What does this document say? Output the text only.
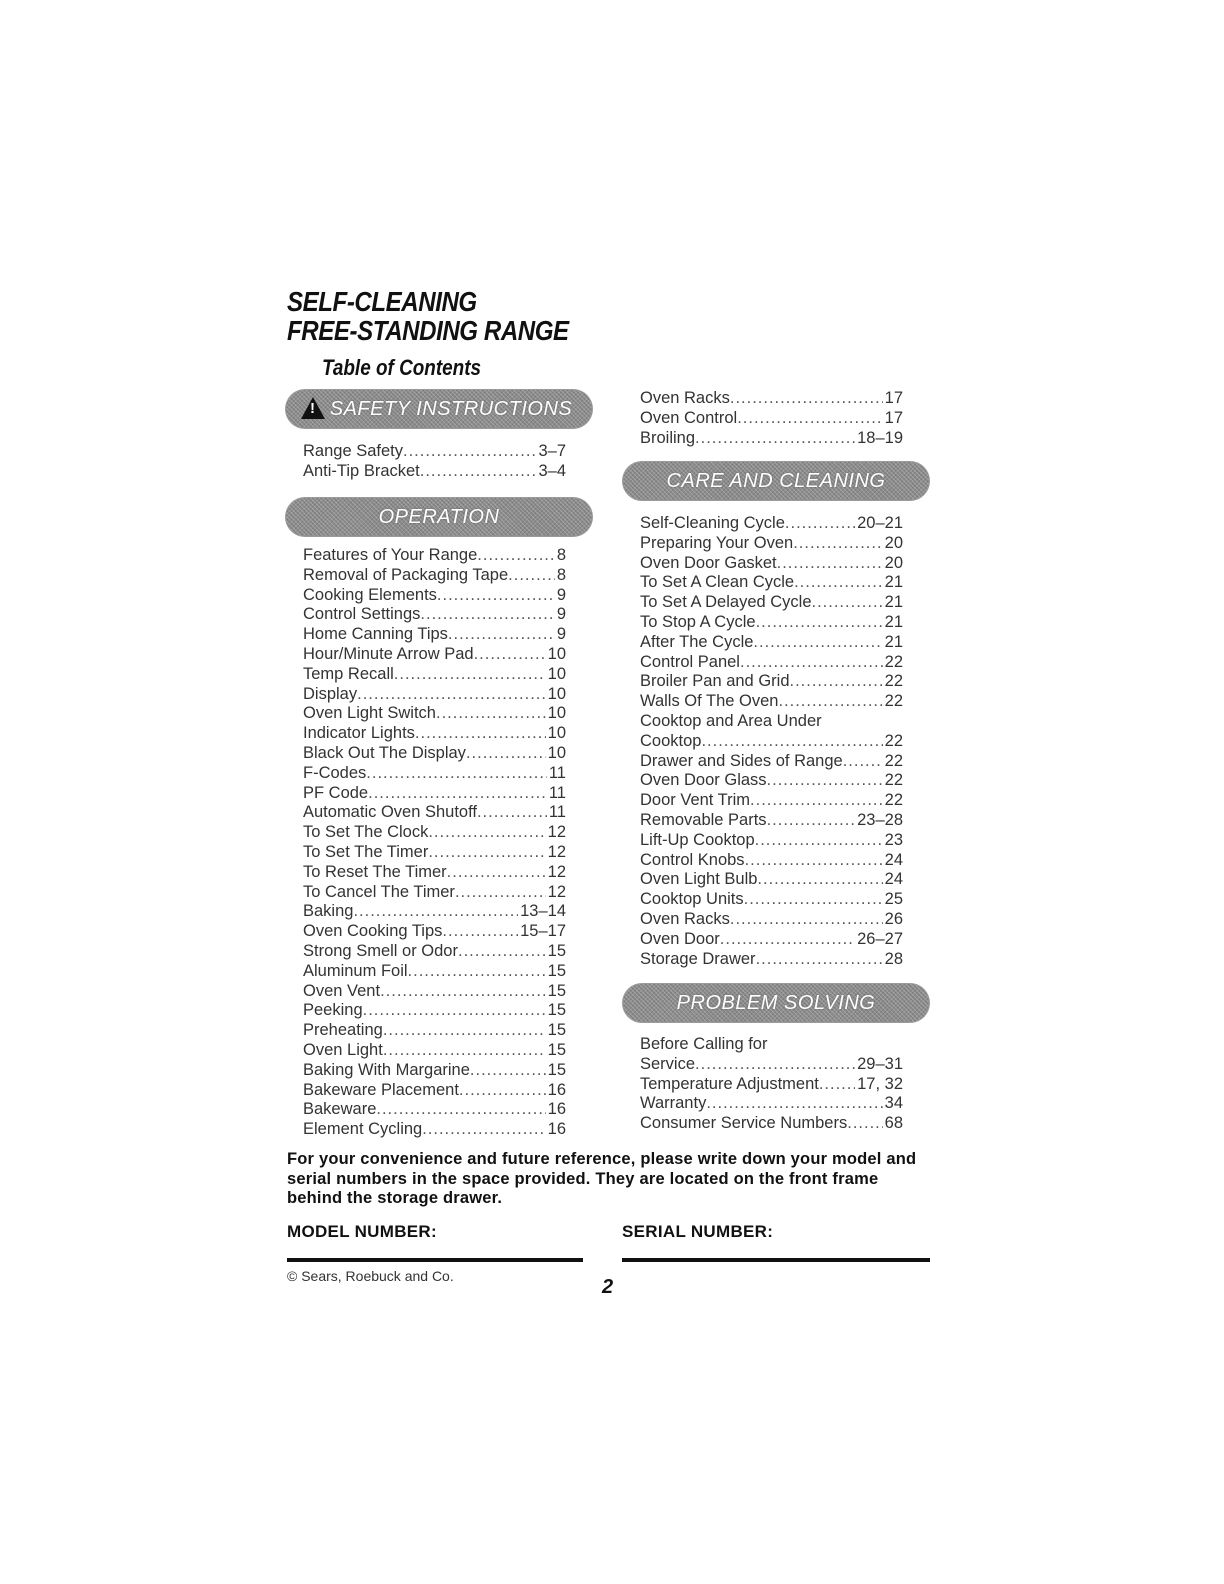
SELF-CLEANING
FREE-STANDING RANGE
Table of Contents
! SAFETY INSTRUCTIONS
Range Safety .....	3–7
Anti-Tip Bracket .....	3–4
OPERATION
Features of Your Range .....	8
Removal of Packaging Tape .....	8
Cooking Elements .....	9
Control Settings .....	9
Home Canning Tips .....	9
Hour/Minute Arrow Pad .....	10
Temp Recall .....	10
Display .....	10
Oven Light Switch .....	10
Indicator Lights .....	10
Black Out The Display .....	10
F-Codes .....	11
PF Code .....	11
Automatic Oven Shutoff .....	11
To Set The Clock .....	12
To Set The Timer .....	12
To Reset The Timer .....	12
To Cancel The Timer .....	12
Baking .....	13–14
Oven Cooking Tips .....	15–17
Strong Smell or Odor .....	15
Aluminum Foil .....	15
Oven Vent .....	15
Peeking .....	15
Preheating .....	15
Oven Light .....	15
Baking With Margarine .....	15
Bakeware Placement .....	16
Bakeware .....	16
Element Cycling .....	16
Oven Racks .....	17
Oven Control .....	17
Broiling .....	18–19
CARE AND CLEANING
Self-Cleaning Cycle .....	20–21
Preparing Your Oven .....	20
Oven Door Gasket .....	20
To Set A Clean Cycle .....	21
To Set A Delayed Cycle .....	21
To Stop A Cycle .....	21
After The Cycle .....	21
Control Panel .....	22
Broiler Pan and Grid .....	22
Walls Of The Oven .....	22
Cooktop and Area Under
Cooktop .....	22
Drawer and Sides of Range .....	22
Oven Door Glass .....	22
Door Vent Trim .....	22
Removable Parts .....	23–28
Lift-Up Cooktop .....	23
Control Knobs .....	24
Oven Light Bulb .....	24
Cooktop Units .....	25
Oven Racks .....	26
Oven Door .....	26–27
Storage Drawer .....	28
PROBLEM SOLVING
Before Calling for
Service .....	29–31
Temperature Adjustment ..... 17, 32
Warranty .....	34
Consumer Service Numbers ..... 68
For your convenience and future reference, please write down your model and serial numbers in the space provided. They are located on the front frame behind the storage drawer.
MODEL NUMBER:	SERIAL NUMBER:
© Sears, Roebuck and Co.	2
